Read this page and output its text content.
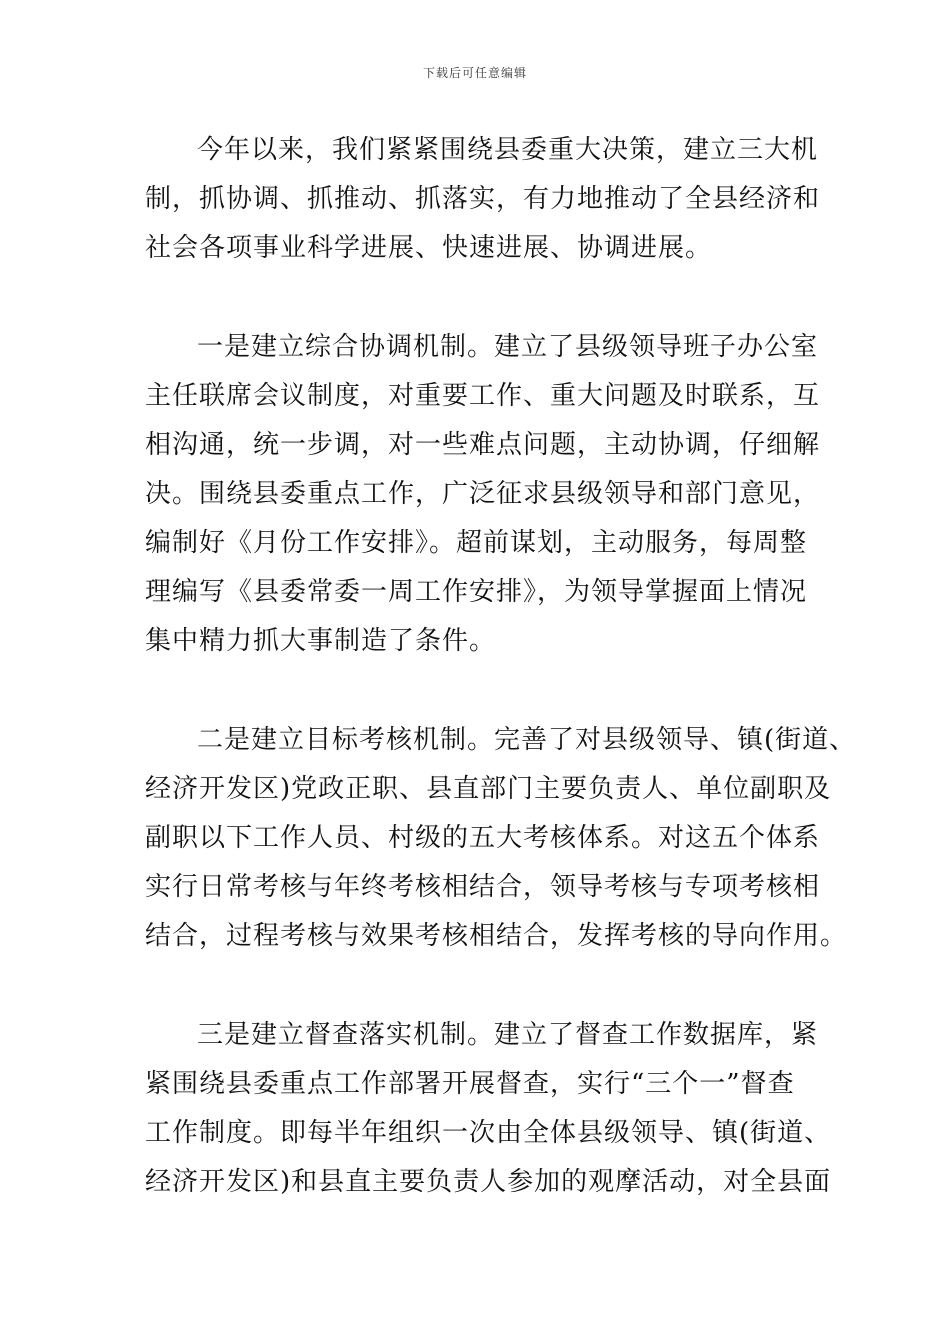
下载后可任意编辑

今年以来，我们紧紧围绕县委重大决策，建立三大机
制，抓协调、抓推动、抓落实，有力地推动了全县经济和
社会各项事业科学进展、快速进展、协调进展。

一是建立综合协调机制。建立了县级领导班子办公室
主任联席会议制度，对重要工作、重大问题及时联系，互
相沟通，统一步调，对一些难点问题，主动协调，仔细解
决。围绕县委重点工作，广泛征求县级领导和部门意见，
编制好《月份工作安排》。超前谋划，主动服务，每周整
理编写《县委常委一周工作安排》，为领导掌握面上情况
集中精力抓大事制造了条件。

二是建立目标考核机制。完善了对县级领导、镇(街道、
经济开发区)党政正职、县直部门主要负责人、单位副职及
副职以下工作人员、村级的五大考核体系。对这五个体系
实行日常考核与年终考核相结合，领导考核与专项考核相
结合，过程考核与效果考核相结合，发挥考核的导向作用。

三是建立督查落实机制。建立了督查工作数据库，紧
紧围绕县委重点工作部署开展督查，实行“三个一”督查
工作制度。即每半年组织一次由全体县级领导、镇(街道、
经济开发区)和县直主要负责人参加的观摩活动，对全县面
